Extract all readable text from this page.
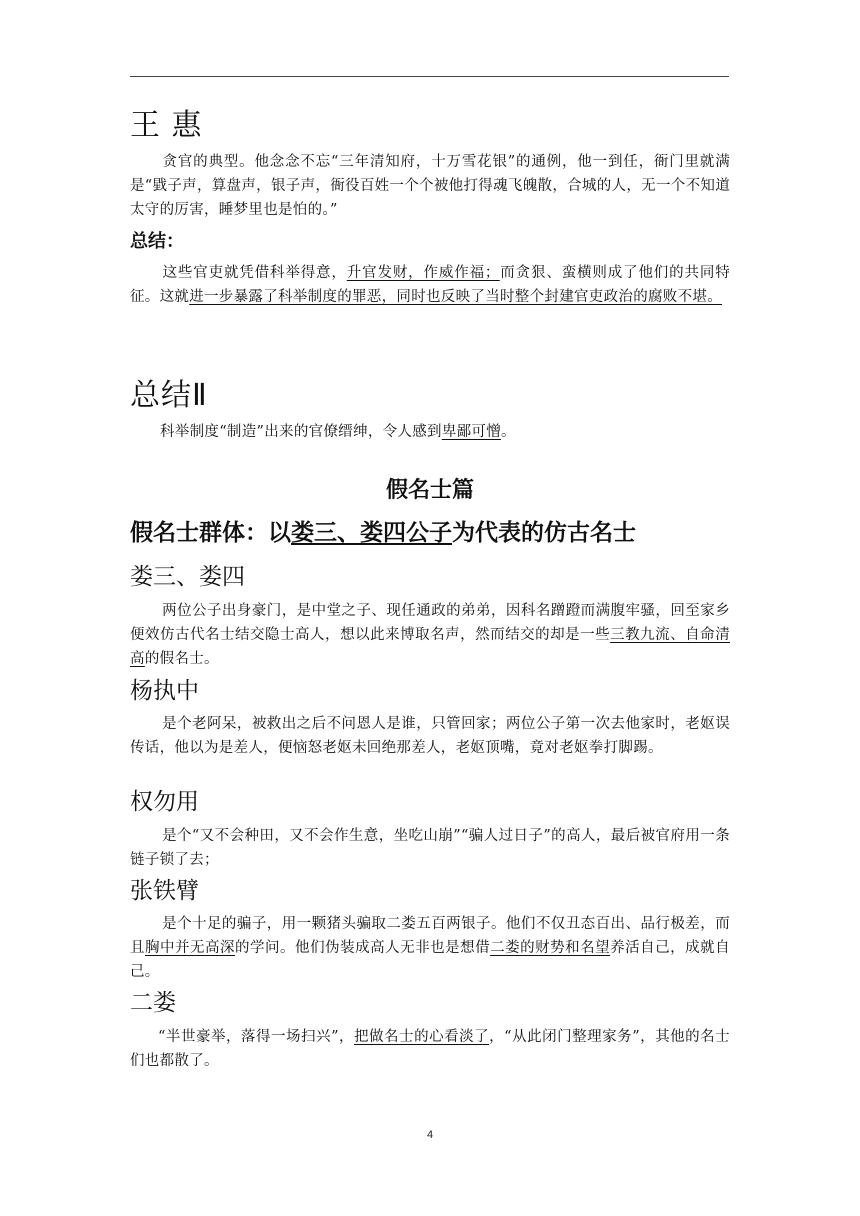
王 惠
贪官的典型。他念念不忘“三年清知府，十万雪花银”的通例，他一到任，衙门里就满是“戥子声，算盘声，银子声，衙役百姓一个个被他打得魂飞魄散，合城的人，无一个不知道太守的厉害，睡梦里也是怕的。”
总结：
这些官吏就凭借科举得意，升官发财，作威作福；而贪狠、蛮横则成了他们的共同特征。这就进一步暴露了科举制度的罪恶，同时也反映了当时整个封建官吏政治的腐败不堪。
总结Ⅱ
科举制度“制造”出来的官僚缙绅，令人感到卑鄙可憎。
假名士篇
假名士群体：以娄三、娄四公子为代表的仿古名士
娄三、娄四
两位公子出身豪门，是中堂之子、现任通政的弟弟，因科名蹭蹬而满腹牢骚，回至家乡便效仿古代名士结交隐士高人，想以此来博取名声，然而结交的却是一些三教九流、自命清高的假名士。
杨执中
是个老阿呆，被救出之后不问恩人是谁，只管回家；两位公子第一次去他家时，老妪误传话，他以为是差人，便恼怒老妪未回绝那差人，老妪顶嘴，竟对老妪拳打脚踢。
权勿用
是个“又不会种田，又不会作生意，坐吃山崩”“骗人过日子”的高人，最后被官府用一条链子锁了去；
张铁臂
是个十足的骗子，用一颗猪头骗取二娄五百两银子。他们不仅丑态百出、品行极差，而且胸中并无高深的学问。他们伪装成高人无非也是想借二娄的财势和名望养活自己，成就自己。
二娄
“半世豪举，落得一场扫兴”，把做名士的心看淡了，“从此闭门整理家务”，其他的名士们也都散了。
4
